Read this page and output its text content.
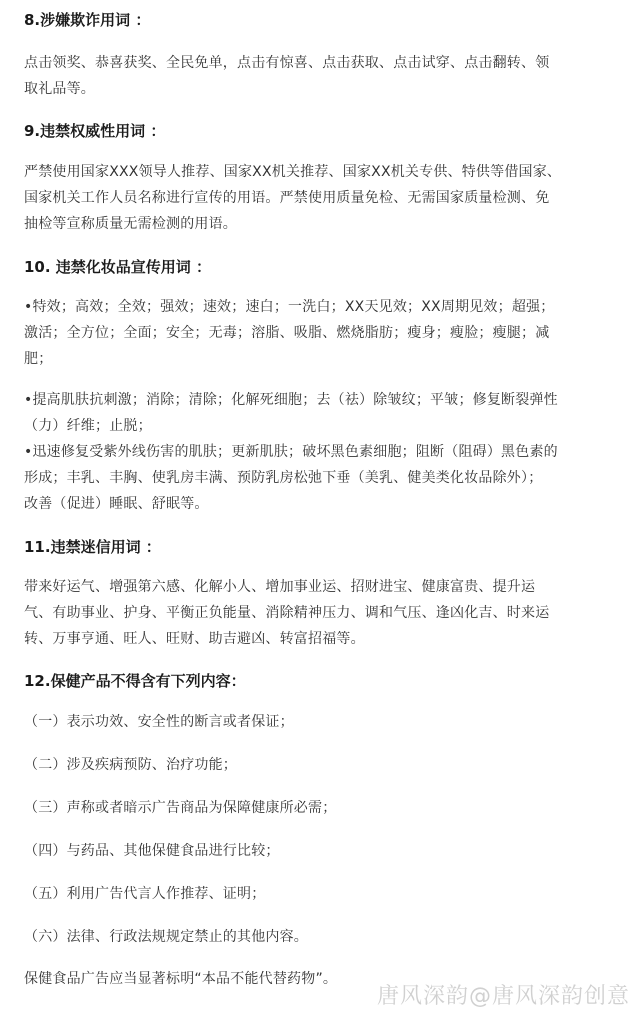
8.涉嫌欺诈用词 ：
点击领奖、恭喜获奖、全民免单，点击有惊喜、点击获取、点击试穿、点击翻转、领
取礼品等。
9.违禁权威性用词 ：
严禁使用国家XXX领导人推荐、国家XX机关推荐、国家XX机关专供、特供等借国家、
国家机关工作人员名称进行宣传的用语。严禁使用质量免检、无需国家质量检测、免
抽检等宣称质量无需检测的用语。
10. 违禁化妆品宣传用词 ：
•特效；高效；全效；强效；速效；速白；一洗白；XX天见效；XX周期见效；超强；
激活；全方位；全面；安全；无毒；溶脂、吸脂、燃烧脂肪；瘦身；瘦脸；瘦腿；减
肥；
•提高肌肤抗刺激；消除；清除；化解死细胞；去（祛）除皱纹；平皱；修复断裂弹性
（力）纤维；止脱；
•迅速修复受紫外线伤害的肌肤；更新肌肤；破坏黑色素细胞；阻断（阻碍）黑色素的
形成；丰乳、丰胸、使乳房丰满、预防乳房松弛下垂（美乳、健美类化妆品除外）；
改善（促进）睡眠、舒眠等。
11.违禁迷信用词 ：
带来好运气、增强第六感、化解小人、增加事业运、招财进宝、健康富贵、提升运
气、有助事业、护身、平衡正负能量、消除精神压力、调和气压、逢凶化吉、时来运
转、万事亨通、旺人、旺财、助吉避凶、转富招福等。
12.保健产品不得含有下列内容：
（一）表示功效、安全性的断言或者保证；
（二）涉及疾病预防、治疗功能；
（三）声称或者暗示广告商品为保障健康所必需；
（四）与药品、其他保健食品进行比较；
（五）利用广告代言人作推荐、证明；
（六）法律、行政法规规定禁止的其他内容。
保健食品广告应当显著标明“本品不能代替药物”。
唐风深韵@唐风深韵创意
